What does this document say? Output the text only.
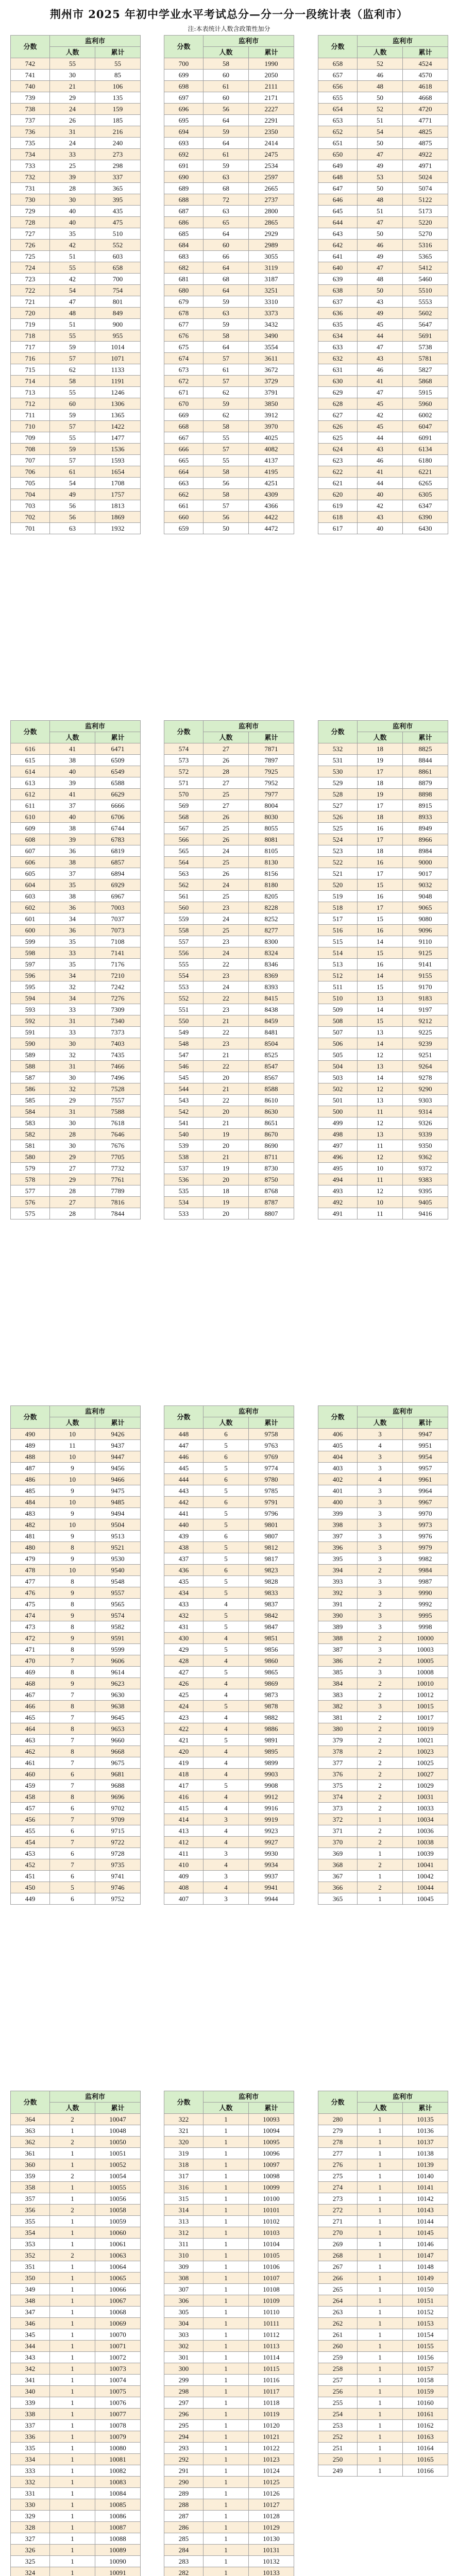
荆州市 2025 年初中学业水平考试总分—分一分一段统计表（监利市）
注:本表统计人数含政策性加分
分数	监利市	
	人数	累计
742	55	55
741	30	85
740	21	106
739	29	135
738	24	159
737	26	185
736	31	216
735	24	240
734	33	273
733	25	298
732	39	337
731	28	365
730	30	395
729	40	435
728	40	475
727	35	510
726	42	552
725	51	603
724	55	658
723	42	700
722	54	754
721	47	801
720	48	849
719	51	900
718	55	955
717	59	1014
716	57	1071
715	62	1133
714	58	1191
713	55	1246
712	60	1306
711	59	1365
710	57	1422
709	55	1477
708	59	1536
707	57	1593
706	61	1654
705	54	1708
704	49	1757
703	56	1813
702	56	1869
701	63	1932
分数	监利市	
	人数	累计
700	58	1990
699	60	2050
698	61	2111
697	60	2171
696	56	2227
695	64	2291
694	59	2350
693	64	2414
692	61	2475
691	59	2534
690	63	2597
689	68	2665
688	72	2737
687	63	2800
686	65	2865
685	64	2929
684	60	2989
683	66	3055
682	64	3119
681	68	3187
680	64	3251
679	59	3310
678	63	3373
677	59	3432
676	58	3490
675	64	3554
674	57	3611
673	61	3672
672	57	3729
671	62	3791
670	59	3850
669	62	3912
668	58	3970
667	55	4025
666	57	4082
665	55	4137
664	58	4195
663	56	4251
662	58	4309
661	57	4366
660	56	4422
659	50	4472
分数	监利市	
	人数	累计
658	52	4524
657	46	4570
656	48	4618
655	50	4668
654	52	4720
653	51	4771
652	54	4825
651	50	4875
650	47	4922
649	49	4971
648	53	5024
647	50	5074
646	48	5122
645	51	5173
644	47	5220
643	50	5270
642	46	5316
641	49	5365
640	47	5412
639	48	5460
638	50	5510
637	43	5553
636	49	5602
635	45	5647
634	44	5691
633	47	5738
632	43	5781
631	46	5827
630	41	5868
629	47	5915
628	45	5960
627	42	6002
626	45	6047
625	44	6091
624	43	6134
623	46	6180
622	41	6221
621	44	6265
620	40	6305
619	42	6347
618	43	6390
617	40	6430
分数	监利市	
	人数	累计
616	41	6471
615	38	6509
614	40	6549
613	39	6588
612	41	6629
611	37	6666
610	40	6706
609	38	6744
608	39	6783
607	36	6819
606	38	6857
605	37	6894
604	35	6929
603	38	6967
602	36	7003
601	34	7037
600	36	7073
599	35	7108
598	33	7141
597	35	7176
596	34	7210
595	32	7242
594	34	7276
593	33	7309
592	31	7340
591	33	7373
590	30	7403
589	32	7435
588	31	7466
587	30	7496
586	32	7528
585	29	7557
584	31	7588
583	30	7618
582	28	7646
581	30	7676
580	29	7705
579	27	7732
578	29	7761
577	28	7789
576	27	7816
575	28	7844
分数	监利市	
	人数	累计
574	27	7871
573	26	7897
572	28	7925
571	27	7952
570	25	7977
569	27	8004
568	26	8030
567	25	8055
566	26	8081
565	24	8105
564	25	8130
563	26	8156
562	24	8180
561	25	8205
560	23	8228
559	24	8252
558	25	8277
557	23	8300
556	24	8324
555	22	8346
554	23	8369
553	24	8393
552	22	8415
551	23	8438
550	21	8459
549	22	8481
548	23	8504
547	21	8525
546	22	8547
545	20	8567
544	21	8588
543	22	8610
542	20	8630
541	21	8651
540	19	8670
539	20	8690
538	21	8711
537	19	8730
536	20	8750
535	18	8768
534	19	8787
533	20	8807
分数	监利市	
	人数	累计
532	18	8825
531	19	8844
530	17	8861
529	18	8879
528	19	8898
527	17	8915
526	18	8933
525	16	8949
524	17	8966
523	18	8984
522	16	9000
521	17	9017
520	15	9032
519	16	9048
518	17	9065
517	15	9080
516	16	9096
515	14	9110
514	15	9125
513	16	9141
512	14	9155
511	15	9170
510	13	9183
509	14	9197
508	15	9212
507	13	9225
506	14	9239
505	12	9251
504	13	9264
503	14	9278
502	12	9290
501	13	9303
500	11	9314
499	12	9326
498	13	9339
497	11	9350
496	12	9362
495	10	9372
494	11	9383
493	12	9395
492	10	9405
491	11	9416
分数	监利市	
	人数	累计
490	10	9426
489	11	9437
488	10	9447
487	9	9456
486	10	9466
485	9	9475
484	10	9485
483	9	9494
482	10	9504
481	9	9513
480	8	9521
479	9	9530
478	10	9540
477	8	9548
476	9	9557
475	8	9565
474	9	9574
473	8	9582
472	9	9591
471	8	9599
470	7	9606
469	8	9614
468	9	9623
467	7	9630
466	8	9638
465	7	9645
464	8	9653
463	7	9660
462	8	9668
461	7	9675
460	6	9681
459	7	9688
458	8	9696
457	6	9702
456	7	9709
455	6	9715
454	7	9722
453	6	9728
452	7	9735
451	6	9741
450	5	9746
449	6	9752
分数	监利市	
	人数	累计
448	6	9758
447	5	9763
446	6	9769
445	5	9774
444	6	9780
443	5	9785
442	6	9791
441	5	9796
440	5	9801
439	6	9807
438	5	9812
437	5	9817
436	6	9823
435	5	9828
434	5	9833
433	4	9837
432	5	9842
431	5	9847
430	4	9851
429	5	9856
428	4	9860
427	5	9865
426	4	9869
425	4	9873
424	5	9878
423	4	9882
422	4	9886
421	5	9891
420	4	9895
419	4	9899
418	4	9903
417	5	9908
416	4	9912
415	4	9916
414	3	9919
413	4	9923
412	4	9927
411	3	9930
410	4	9934
409	3	9937
408	4	9941
407	3	9944
分数	监利市	
	人数	累计
406	3	9947
405	4	9951
404	3	9954
403	3	9957
402	4	9961
401	3	9964
400	3	9967
399	3	9970
398	3	9973
397	3	9976
396	3	9979
395	3	9982
394	2	9984
393	3	9987
392	3	9990
391	2	9992
390	3	9995
389	3	9998
388	2	10000
387	3	10003
386	2	10005
385	3	10008
384	2	10010
383	2	10012
382	3	10015
381	2	10017
380	2	10019
379	2	10021
378	2	10023
377	2	10025
376	2	10027
375	2	10029
374	2	10031
373	2	10033
372	1	10034
371	2	10036
370	2	10038
369	1	10039
368	2	10041
367	1	10042
366	2	10044
365	1	10045
分数	监利市	
	人数	累计
364	2	10047
363	1	10048
362	2	10050
361	1	10051
360	1	10052
359	2	10054
358	1	10055
357	1	10056
356	2	10058
355	1	10059
354	1	10060
353	1	10061
352	2	10063
351	1	10064
350	1	10065
349	1	10066
348	1	10067
347	1	10068
346	1	10069
345	1	10070
344	1	10071
343	1	10072
342	1	10073
341	1	10074
340	1	10075
339	1	10076
338	1	10077
337	1	10078
336	1	10079
335	1	10080
334	1	10081
333	1	10082
332	1	10083
331	1	10084
330	1	10085
329	1	10086
328	1	10087
327	1	10088
326	1	10089
325	1	10090
324	1	10091

分数	监利市	
	人数	累计
322	1	10093
321	1	10094
320	1	10095
319	1	10096
318	1	10097
317	1	10098
316	1	10099
315	1	10100
314	1	10101
313	1	10102
312	1	10103
311	1	10104
310	1	10105
309	1	10106
308	1	10107
307	1	10108
306	1	10109
305	1	10110
304	1	10111
303	1	10112
302	1	10113
301	1	10114
300	1	10115
299	1	10116
298	1	10117
297	1	10118
296	1	10119
295	1	10120
294	1	10121
293	1	10122
292	1	10123
291	1	10124
290	1	10125
289	1	10126
288	1	10127
287	1	10128
286	1	10129
285	1	10130
284	1	10131
283	1	10132
282	1	10133

分数	监利市	
	人数	累计
280	1	10135
279	1	10136
278	1	10137
277	1	10138
276	1	10139
275	1	10140
274	1	10141
273	1	10142
272	1	10143
271	1	10144
270	1	10145
269	1	10146
268	1	10147
267	1	10148
266	1	10149
265	1	10150
264	1	10151
263	1	10152
262	1	10153
261	1	10154
260	1	10155
259	1	10156
258	1	10157
257	1	10158
256	1	10159
255	1	10160
254	1	10161
253	1	10162
252	1	10163
251	1	10164
250	1	10165
249	1	10166
